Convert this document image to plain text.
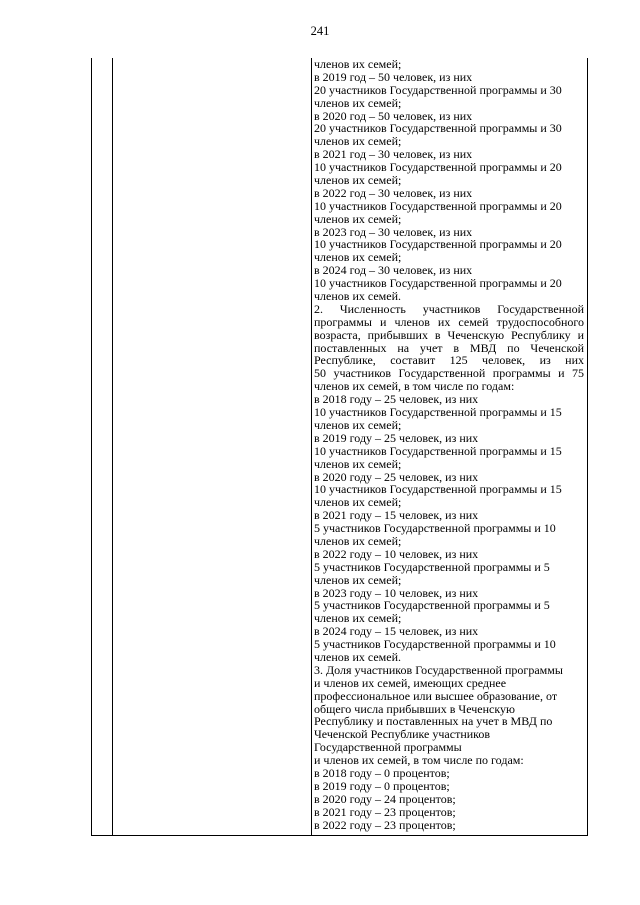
241
членов их семей;
в 2019 год – 50 человек, из них
20 участников Государственной программы и 30
членов их семей;
в 2020 год – 50 человек, из них
20 участников Государственной программы и 30
членов их семей;
в 2021 год – 30 человек, из них
10 участников Государственной программы и 20
членов их семей;
в 2022 год – 30 человек, из них
10 участников Государственной программы и 20
членов их семей;
в 2023 год – 30 человек, из них
10 участников Государственной программы и 20
членов их семей;
в 2024 год – 30 человек, из них
10 участников Государственной программы и 20
членов их семей.
2. Численность участников Государственной
программы и членов их семей трудоспособного
возраста, прибывших в Чеченскую Республику и
поставленных на учет в МВД по Чеченской
Республике, составит 125 человек, из них
50 участников Государственной программы и 75
членов их семей, в том числе по годам:
в 2018 году – 25 человек, из них
10 участников Государственной программы и 15
членов их семей;
в 2019 году – 25 человек, из них
10 участников Государственной программы и 15
членов их семей;
в 2020 году – 25 человек, из них
10 участников Государственной программы и 15
членов их семей;
в 2021 году – 15 человек, из них
5 участников Государственной программы и 10
членов их семей;
в 2022 году – 10 человек, из них
5 участников Государственной программы и 5
членов их семей;
в 2023 году – 10 человек, из них
5 участников Государственной программы и 5
членов их семей;
в 2024 году – 15 человек, из них
5 участников Государственной программы и 10
членов их семей.
3. Доля участников Государственной программы
и членов их семей, имеющих среднее
профессиональное или высшее образование, от
общего числа прибывших в Чеченскую
Республику и поставленных на учет в МВД по
Чеченской Республике участников
Государственной программы
и членов их семей, в том числе по годам:
в 2018 году – 0 процентов;
в 2019 году – 0 процентов;
в 2020 году – 24 процентов;
в 2021 году – 23 процентов;
в 2022 году – 23 процентов;
